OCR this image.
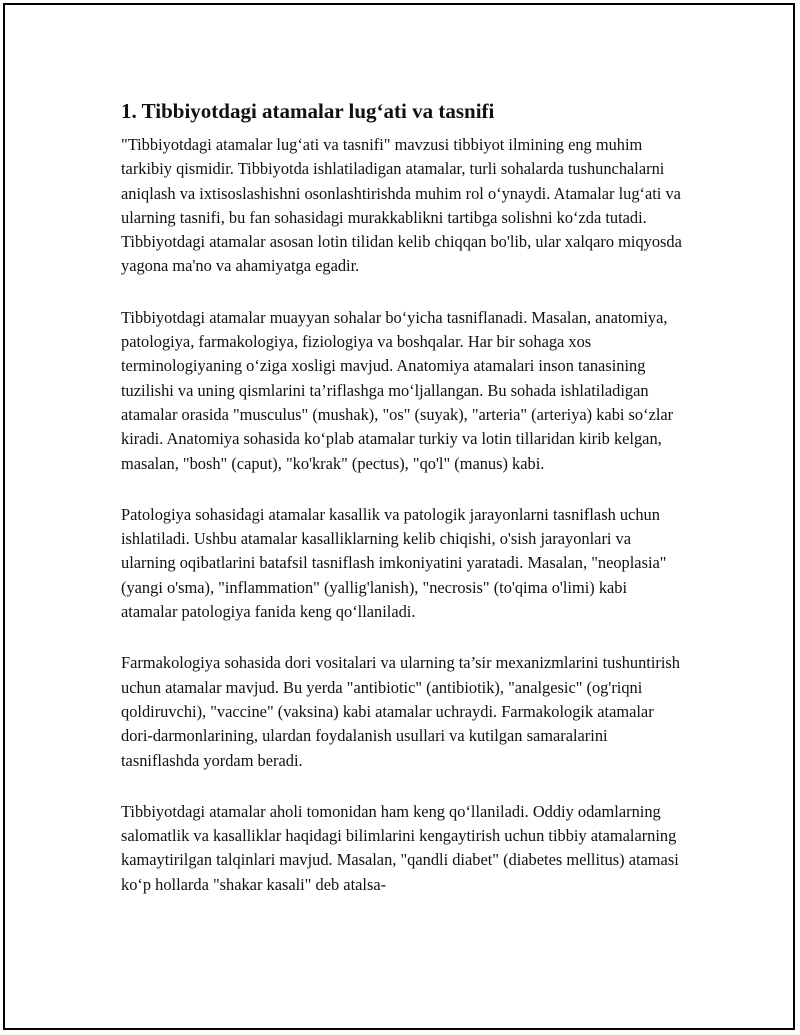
1. Tibbiyotdagi atamalar lug‘ati va tasnifi

"Tibbiyotdagi atamalar lug‘ati va tasnifi" mavzusi tibbiyot ilmining eng muhim tarkibiy qismidir. Tibbiyotda ishlatiladigan atamalar, turli sohalarda tushunchalarni aniqlash va ixtisoslashishni osonlashtirishda muhim rol o‘ynaydi. Atamalar lug‘ati va ularning tasnifi, bu fan sohasidagi murakkablikni tartibga solishni ko‘zda tutadi. Tibbiyotdagi atamalar asosan lotin tilidan kelib chiqqan bo'lib, ular xalqaro miqyosda yagona ma'no va ahamiyatga egadir.

Tibbiyotdagi atamalar muayyan sohalar bo‘yicha tasniflanadi. Masalan, anatomiya, patologiya, farmakologiya, fiziologiya va boshqalar. Har bir sohaga xos terminologiyaning o‘ziga xosligi mavjud. Anatomiya atamalari inson tanasining tuzilishi va uning qismlarini ta’riflashga mo‘ljallangan. Bu sohada ishlatiladigan atamalar orasida "musculus" (mushak), "os" (suyak), "arteria" (arteriya) kabi so‘zlar kiradi. Anatomiya sohasida ko‘plab atamalar turkiy va lotin tillaridan kirib kelgan, masalan, "bosh" (caput), "ko'krak" (pectus), "qo'l" (manus) kabi.

Patologiya sohasidagi atamalar kasallik va patologik jarayonlarni tasniflash uchun ishlatiladi. Ushbu atamalar kasalliklarning kelib chiqishi, o'sish jarayonlari va ularning oqibatlarini batafsil tasniflash imkoniyatini yaratadi. Masalan, "neoplasia" (yangi o'sma), "inflammation" (yallig'lanish), "necrosis" (to'qima o'limi) kabi atamalar patologiya fanida keng qo‘llaniladi.

Farmakologiya sohasida dori vositalari va ularning ta’sir mexanizmlarini tushuntirish uchun atamalar mavjud. Bu yerda "antibiotic" (antibiotik), "analgesic" (og'riqni qoldiruvchi), "vaccine" (vaksina) kabi atamalar uchraydi. Farmakologik atamalar dori-darmonlarining, ulardan foydalanish usullari va kutilgan samaralarini tasniflashda yordam beradi.

Tibbiyotdagi atamalar aholi tomonidan ham keng qo‘llaniladi. Oddiy odamlarning salomatlik va kasalliklar haqidagi bilimlarini kengaytirish uchun tibbiy atamalarning kamaytirilgan talqinlari mavjud. Masalan, "qandli diabet" (diabetes mellitus) atamasi ko‘p hollarda "shakar kasali" deb atalsa-
